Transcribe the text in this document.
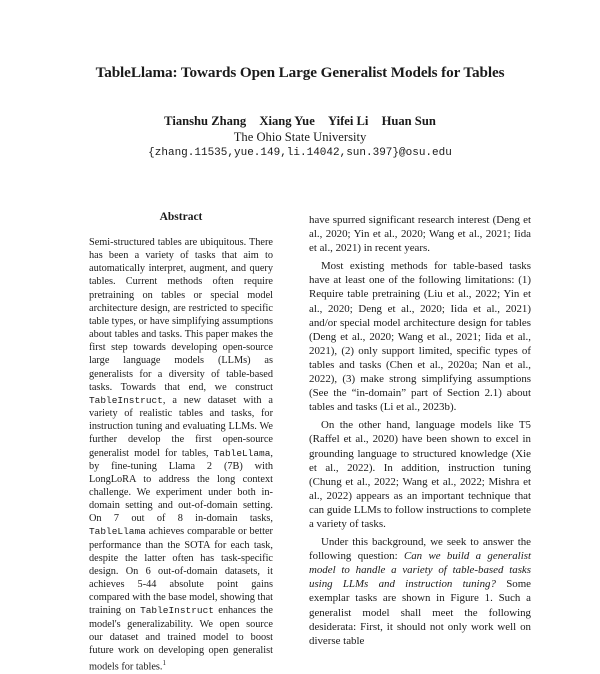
TableLlama: Towards Open Large Generalist Models for Tables
Tianshu Zhang Xiang Yue Yifei Li Huan Sun
The Ohio State University
{zhang.11535,yue.149,li.14042,sun.397}@osu.edu
Abstract

Semi-structured tables are ubiquitous. There has been a variety of tasks that aim to automatically interpret, augment, and query tables. Current methods often require pretraining on tables or special model architecture design, are restricted to specific table types, or have simplifying assumptions about tables and tasks. This paper makes the first step towards developing open-source large language models (LLMs) as generalists for a diversity of table-based tasks. Towards that end, we construct TableInstruct, a new dataset with a variety of realistic tables and tasks, for instruction tuning and evaluating LLMs. We further develop the first open-source generalist model for tables, TableLlama, by fine-tuning Llama 2 (7B) with LongLoRA to address the long context challenge. We experiment under both in-domain setting and out-of-domain setting. On 7 out of 8 in-domain tasks, TableLlama achieves comparable or better performance than the SOTA for each task, despite the latter often has task-specific design. On 6 out-of-domain datasets, it achieves 5-44 absolute point gains compared with the base model, showing that training on TableInstruct enhances the model's generalizability. We open source our dataset and trained model to boost future work on developing open generalist models for tables.$^1$

have spurred significant research interest (Deng et al., 2020; Yin et al., 2020; Wang et al., 2021; Iida et al., 2021) in recent years.

Most existing methods for table-based tasks have at least one of the following limitations: (1) Require table pretraining (Liu et al., 2022; Yin et al., 2020; Deng et al., 2020; Iida et al., 2021) and/or special model architecture design for tables (Deng et al., 2020; Wang et al., 2021; Iida et al., 2021), (2) only support limited, specific types of tables and tasks (Chen et al., 2020a; Nan et al., 2022), (3) make strong simplifying assumptions (See the “in-domain” part of Section 2.1) about tables and tasks (Li et al., 2023b).

On the other hand, language models like T5 (Raffel et al., 2020) have been shown to excel in grounding language to structured knowledge (Xie et al., 2022). In addition, instruction tuning (Chung et al., 2022; Wang et al., 2022; Mishra et al., 2022) appears as an important technique that can guide LLMs to follow instructions to complete a variety of tasks.

Under this background, we seek to answer the following question: Can we build a generalist model to handle a variety of table-based tasks using LLMs and instruction tuning? Some exemplar tasks are shown in Figure 1. Such a generalist model shall meet the following desiderata: First, it should not only work well on diverse table
